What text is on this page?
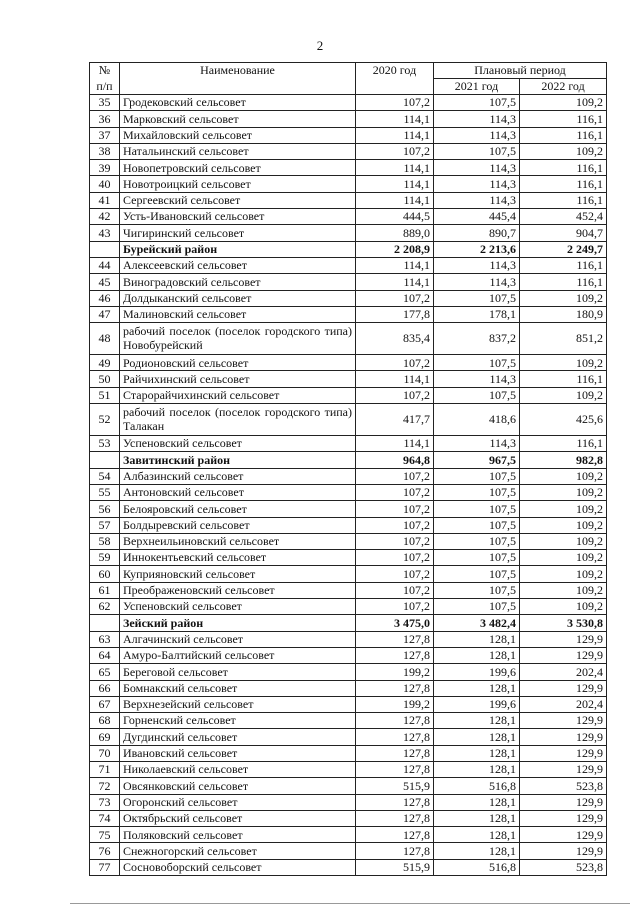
2
№	Наименование	2020 год	Плановый период	
п/п			2021 год	2022 год
35	Гродековский сельсовет	107,2	107,5	109,2
36	Марковский сельсовет	114,1	114,3	116,1
37	Михайловский сельсовет	114,1	114,3	116,1
38	Натальинский сельсовет	107,2	107,5	109,2
39	Новопетровский сельсовет	114,1	114,3	116,1
40	Новотроицкий сельсовет	114,1	114,3	116,1
41	Сергеевский сельсовет	114,1	114,3	116,1
42	Усть-Ивановский сельсовет	444,5	445,4	452,4
43	Чигиринский сельсовет	889,0	890,7	904,7
	Бурейский район	2 208,9	2 213,6	2 249,7
44	Алексеевский сельсовет	114,1	114,3	116,1
45	Виноградовский сельсовет	114,1	114,3	116,1
46	Долдыканский сельсовет	107,2	107,5	109,2
47	Малиновский сельсовет	177,8	178,1	180,9
48	рабочий поселок (поселок городского типа) Новобурейский	835,4	837,2	851,2
49	Родионовский сельсовет	107,2	107,5	109,2
50	Райчихинский сельсовет	114,1	114,3	116,1
51	Старорайчихинский сельсовет	107,2	107,5	109,2
52	рабочий поселок (поселок городского типа) Талакан	417,7	418,6	425,6
53	Успеновский сельсовет	114,1	114,3	116,1
	Завитинский район	964,8	967,5	982,8
54	Албазинский сельсовет	107,2	107,5	109,2
55	Антоновский сельсовет	107,2	107,5	109,2
56	Белояровский сельсовет	107,2	107,5	109,2
57	Болдыревский сельсовет	107,2	107,5	109,2
58	Верхнеильиновский сельсовет	107,2	107,5	109,2
59	Иннокентьевский сельсовет	107,2	107,5	109,2
60	Куприяновский сельсовет	107,2	107,5	109,2
61	Преображеновский сельсовет	107,2	107,5	109,2
62	Успеновский сельсовет	107,2	107,5	109,2
	Зейский район	3 475,0	3 482,4	3 530,8
63	Алгачинский сельсовет	127,8	128,1	129,9
64	Амуро-Балтийский сельсовет	127,8	128,1	129,9
65	Береговой сельсовет	199,2	199,6	202,4
66	Бомнакский сельсовет	127,8	128,1	129,9
67	Верхнезейский сельсовет	199,2	199,6	202,4
68	Горненский сельсовет	127,8	128,1	129,9
69	Дугдинский сельсовет	127,8	128,1	129,9
70	Ивановский сельсовет	127,8	128,1	129,9
71	Николаевский сельсовет	127,8	128,1	129,9
72	Овсянковский сельсовет	515,9	516,8	523,8
73	Огоронский сельсовет	127,8	128,1	129,9
74	Октябрьский сельсовет	127,8	128,1	129,9
75	Поляковский сельсовет	127,8	128,1	129,9
76	Снежногорский сельсовет	127,8	128,1	129,9
77	Сосновоборский сельсовет	515,9	516,8	523,8
